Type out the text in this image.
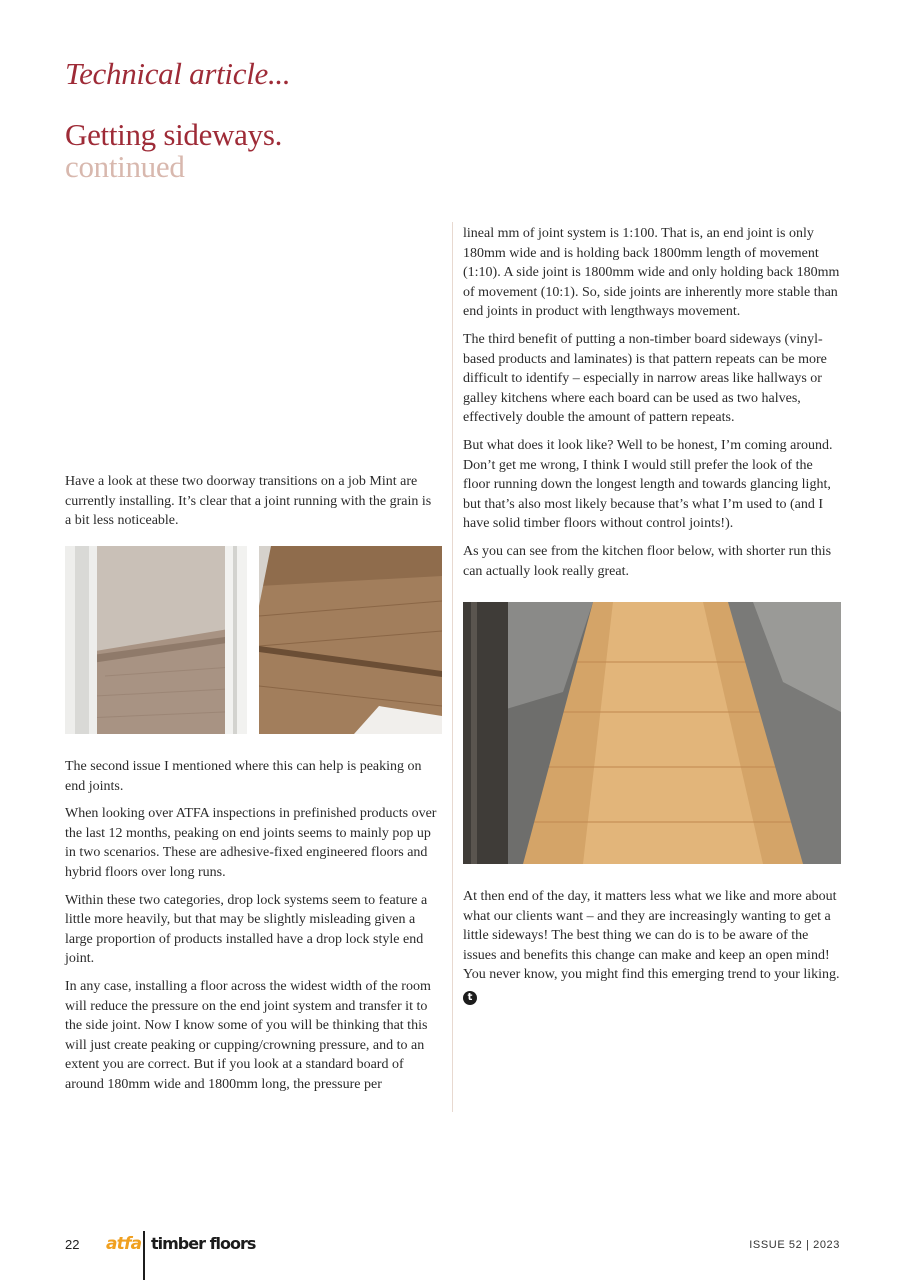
Technical article...
Getting sideways.
continued

Have a look at these two doorway transitions on a job Mint are currently installing. It’s clear that a joint running with the grain is a bit less noticeable.

The second issue I mentioned where this can help is peaking on end joints.

When looking over ATFA inspections in prefinished products over the last 12 months, peaking on end joints seems to mainly pop up in two scenarios. These are adhesive-fixed engineered floors and hybrid floors over long runs.

Within these two categories, drop lock systems seem to feature a little more heavily, but that may be slightly misleading given a large proportion of products installed have a drop lock style end joint.

In any case, installing a floor across the widest width of the room will reduce the pressure on the end joint system and transfer it to the side joint. Now I know some of you will be thinking that this will just create peaking or cupping/crowning pressure, and to an extent you are correct. But if you look at a standard board of around 180mm wide and 1800mm long, the pressure per

lineal mm of joint system is 1:100. That is, an end joint is only 180mm wide and is holding back 1800mm length of movement (1:10). A side joint is 1800mm wide and only holding back 180mm of movement (10:1). So, side joints are inherently more stable than end joints in product with lengthways movement.

The third benefit of putting a non-timber board sideways (vinyl-based products and laminates) is that pattern repeats can be more difficult to identify – especially in narrow areas like hallways or galley kitchens where each board can be used as two halves, effectively double the amount of pattern repeats.

But what does it look like? Well to be honest, I’m coming around. Don’t get me wrong, I think I would still prefer the look of the floor running down the longest length and towards glancing light, but that’s also most likely because that’s what I’m used to (and I have solid timber floors without control joints!).

As you can see from the kitchen floor below, with shorter run this can actually look really great.

At then end of the day, it matters less what we like and more about what our clients want – and they are increasingly wanting to get a little sideways! The best thing we can do is to be aware of the issues and benefits this change can make and keep an open mind! You never know, you might find this emerging trend to your liking. t

22 atfa timber floors	ISSUE 52 | 2023
